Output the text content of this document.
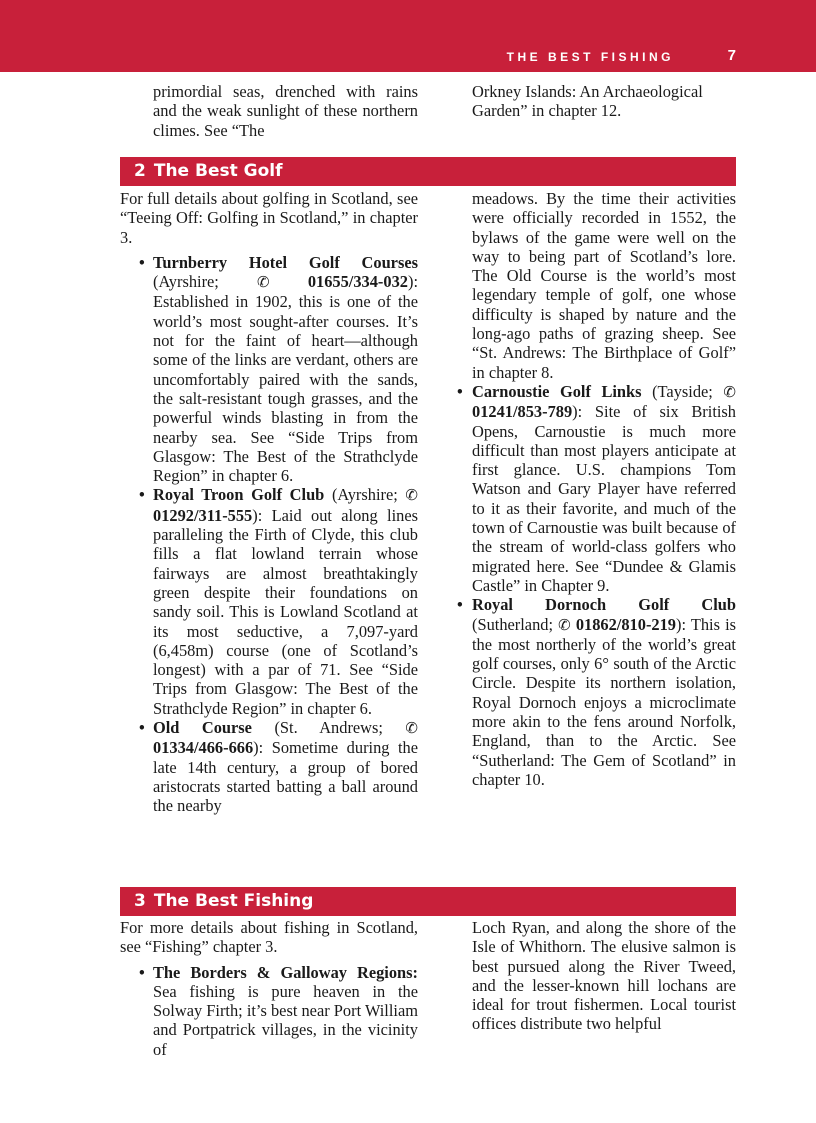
THE BEST FISHING	7

primordial seas, drenched with rains and the weak sunlight of these northern climes. See “The

Orkney Islands: An Archaeological Garden” in chapter 12.

2 The Best Golf

For full details about golfing in Scotland, see “Teeing Off: Golfing in Scotland,” in chapter 3.

• Turnberry Hotel Golf Courses (Ayrshire;	✆ 01655/334-032): Established in 1902, this is one of the world’s most sought-after courses. It’s not for the faint of heart—although some of the links are verdant, others are uncomfortably paired with the sands, the salt-resistant tough grasses, and the powerful winds blasting in from the nearby sea. See “Side Trips from Glasgow: The Best of the Strathclyde Region” in chapter 6.
• Royal Troon Golf Club (Ayrshire; ✆ 01292/311-555): Laid out along lines paralleling the Firth of Clyde, this club fills a flat lowland terrain whose fairways are almost breathtakingly green despite their foundations on sandy soil. This is Lowland Scotland at its most seductive, a 7,097-yard (6,458m) course (one of Scotland’s longest) with a par of 71. See “Side Trips from Glasgow: The Best of the Strathclyde Region” in chapter 6.
• Old Course (St. Andrews; ✆ 01334/466-666): Sometime during the late 14th century, a group of bored aristocrats started batting a ball around the nearby

meadows. By the time their activities were officially recorded in 1552, the bylaws of the game were well on the way to being part of Scotland’s lore. The Old Course is the world’s most legendary temple of golf, one whose difficulty is shaped by nature and the long-ago paths of grazing sheep. See “St. Andrews: The Birthplace of Golf” in chapter 8.

• Carnoustie Golf Links (Tayside; ✆ 01241/853-789): Site of six British Opens, Carnoustie is much more difficult than most players anticipate at first glance. U.S. champions Tom Watson and Gary Player have referred to it as their favorite, and much of the town of Carnoustie was built because of the stream of world-class golfers who migrated here. See “Dundee & Glamis Castle” in Chapter 9.
• Royal Dornoch Golf Club (Sutherland; ✆ 01862/810-219): This is the most northerly of the world’s great golf courses, only 6° south of the Arctic Circle. Despite its northern isolation, Royal Dornoch enjoys a microclimate more akin to the fens around Norfolk, England, than to the Arctic. See “Sutherland: The Gem of Scotland” in chapter 10.
3 The Best Fishing

For more details about fishing in Scotland, see “Fishing” chapter 3.

• The Borders & Galloway Regions: Sea fishing is pure heaven in the Solway Firth; it’s best near Port William and Portpatrick villages, in the vicinity of

Loch Ryan, and along the shore of the Isle of Whithorn. The elusive salmon is best pursued along the River Tweed, and the lesser-known hill lochans are ideal for trout fishermen. Local tourist offices distribute two helpful
